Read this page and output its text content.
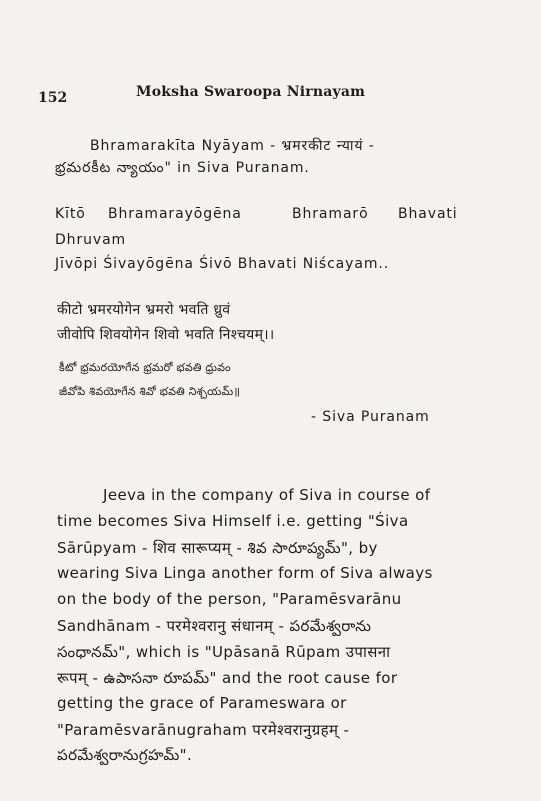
152	Moksha Swaroopa Nirnayam
Bhramarakīta Nyāyam - भ्रमरकीट न्यायं -
భ్రమరకీట న్యాయం" in Siva Puranam.
Kītō Bhramarayōgēna	Bhramarō Bhavati
Dhruvam
Jīvōpi Śivayōgēna Śivō Bhavati Niścayam..
कीटो भ्रमरयोगेन भ्रमरो भवति ध्रुवं
जीवोपि शिवयोगेन शिवो भवति निश्चयम्।।
కీటో భ్రమరయోగేన భ్రమరో భవతి ధ్రువం
జీవోపి శివయోగేన శివో భవతి నిశ్చయమ్॥
- Siva Puranam
Jeeva in the company of Siva in course of
time becomes Siva Himself i.e. getting "Śiva
Sārūpyam - शिव सारूप्यम् - శివ సారూప్యమ్", by
wearing Siva Linga another form of Siva always
on the body of the person, "Paramēsvarānu
Sandhānam - परमेश्वरानु संधानम् - పరమేశ్వరాను
సంధానమ్", which is "Upāsanā Rūpam उपासना
रूपम् - ఉపాసనా రూపమ్" and the root cause for
getting the grace of Parameswara or
"Paramēsvarānugraham परमेश्वरानुग्रहम् -
పరమేశ్వరానుగ్రహమ్".
